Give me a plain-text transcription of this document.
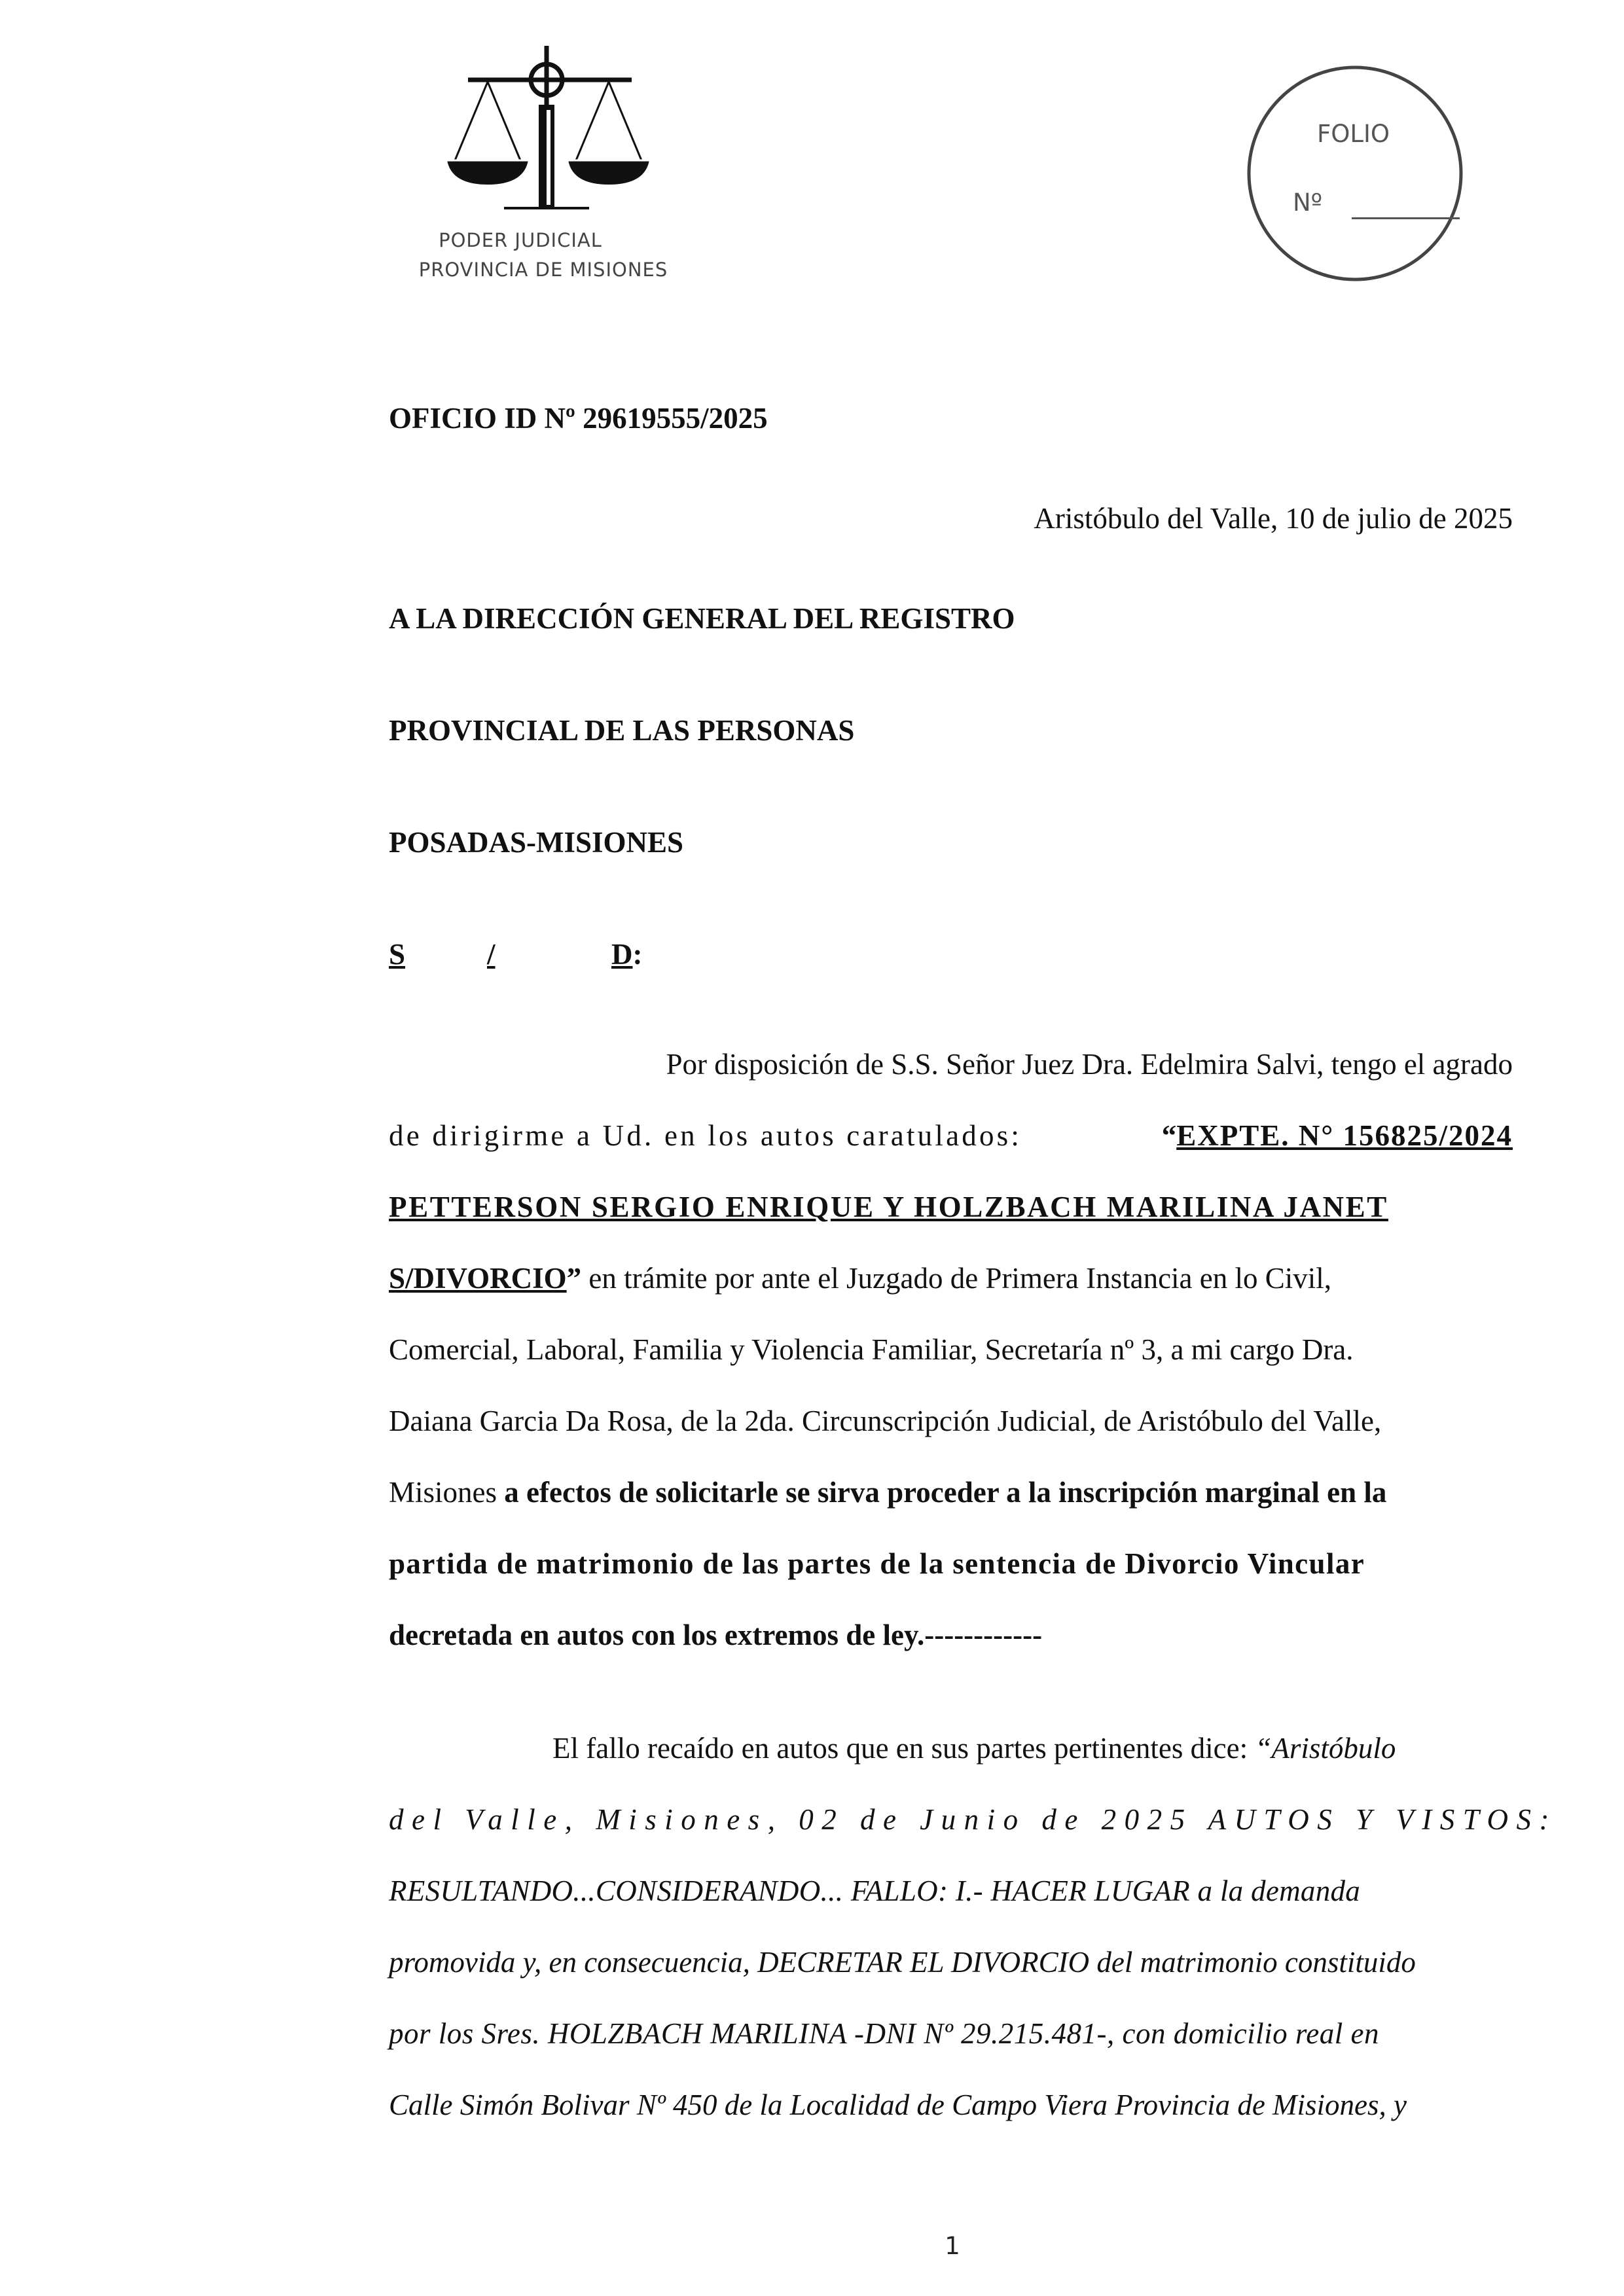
PODER JUDICIAL
PROVINCIA DE MISIONES
FOLIO
Nº
OFICIO ID Nº 29619555/2025
Aristóbulo del Valle, 10 de julio de 2025
A LA DIRECCIÓN GENERAL DEL REGISTRO
PROVINCIAL DE LAS PERSONAS
POSADAS-MISIONES
S	/	D:
Por disposición de S.S. Señor Juez Dra. Edelmira Salvi, tengo el agrado
de dirigirme a Ud. en los autos caratulados:	“EXPTE. N° 156825/2024
PETTERSON SERGIO ENRIQUE Y HOLZBACH MARILINA JANET
S/DIVORCIO” en trámite por ante el Juzgado de Primera Instancia en lo Civil,
Comercial, Laboral, Familia y Violencia Familiar, Secretaría nº 3, a mi cargo Dra.
Daiana Garcia Da Rosa, de la 2da. Circunscripción Judicial, de Aristóbulo del Valle,
Misiones a efectos de solicitarle se sirva proceder a la inscripción marginal en la
partida de matrimonio de las partes de la sentencia de Divorcio Vincular
decretada en autos con los extremos de ley.------------
El fallo recaído en autos que en sus partes pertinentes dice: “Aristóbulo
del Valle, Misiones, 02 de Junio de 2025 AUTOS Y VISTOS:
RESULTANDO...CONSIDERANDO... FALLO: I.- HACER LUGAR a la demanda
promovida y, en consecuencia, DECRETAR EL DIVORCIO del matrimonio constituido
por los Sres. HOLZBACH MARILINA -DNI Nº 29.215.481-, con domicilio real en
Calle Simón Bolivar Nº 450 de la Localidad de Campo Viera Provincia de Misiones, y
1
